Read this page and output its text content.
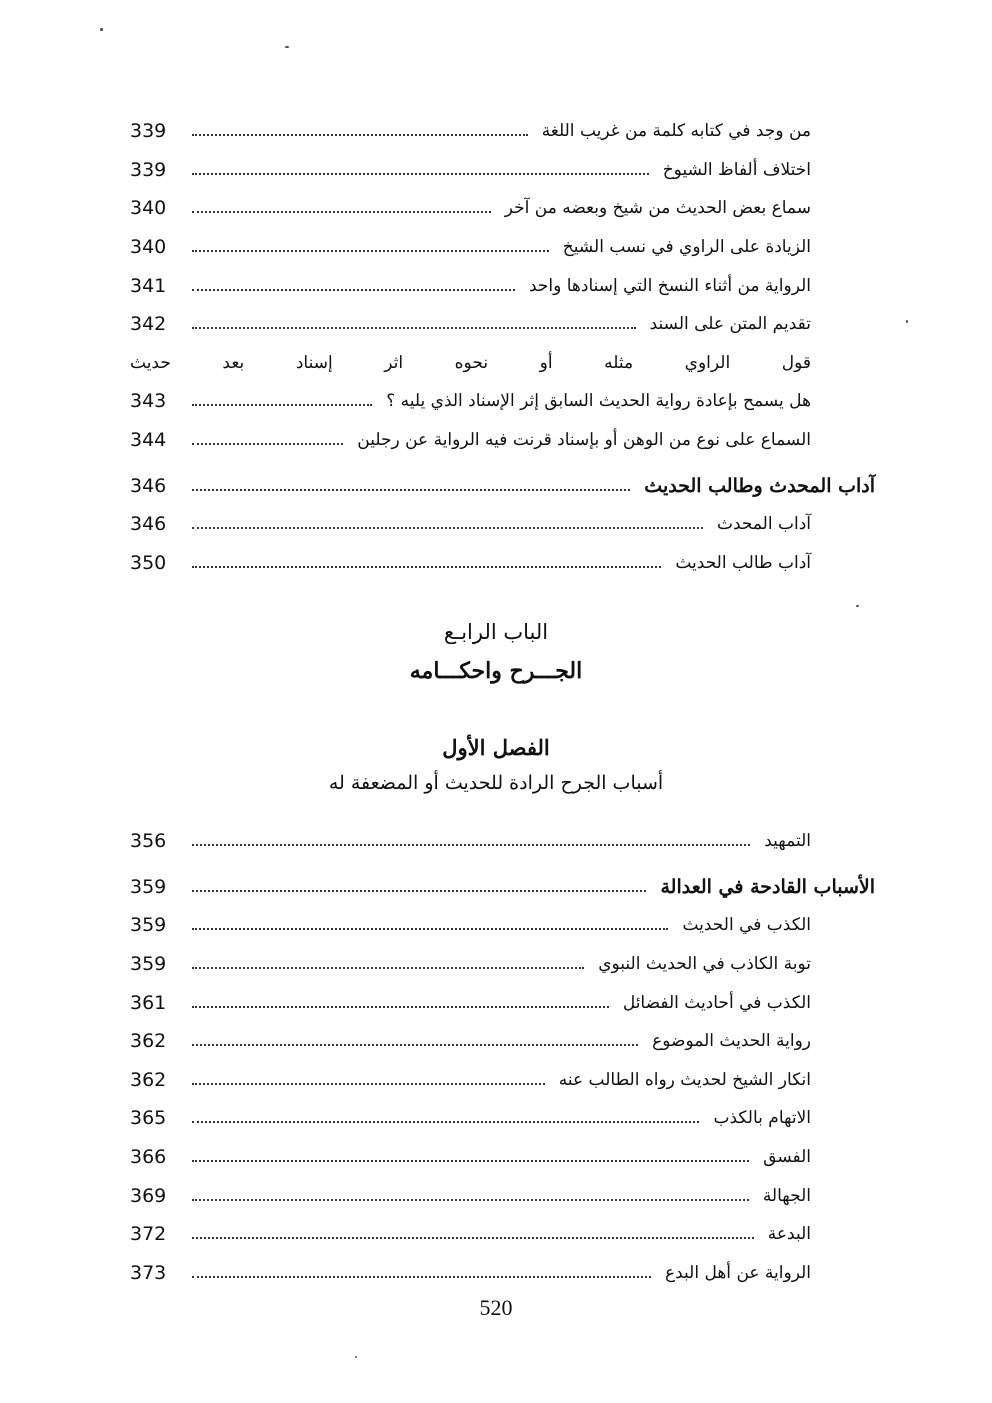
من وجد في كتابه كلمة من غريب اللغة
339
اختلاف ألفاظ الشيوخ
339
سماع بعض الحديث من شيخ وبعضه من آخر
340
الزيادة على الراوي في نسب الشيخ
340
الرواية من أثناء النسخ التي إسنادها واحد
341
تقديم المتن على السند
342
قول الراوي مثله أو نحوه اثر إسناد بعد حديث
هل يسمح بإعادة رواية الحديث السابق إثر الإسناد الذي يليه ؟
343
السماع على نوع من الوهن أو بإسناد قرنت فيه الرواية عن رجلين
344
آداب المحدث وطالب الحديث
346
آداب المحدث
346
آداب طالب الحديث
350
الباب الرابـع
الجـــرح واحكـــامه
الفصل الأول
أسباب الجرح الرادة للحديث أو المضعفة له
التمهيد
356
الأسباب القادحة في العدالة
359
الكذب في الحديث
359
توبة الكاذب في الحديث النبوي
359
الكذب في أحاديث الفضائل
361
رواية الحديث الموضوع
362
انكار الشيخ لحديث رواه الطالب عنه
362
الاتهام بالكذب
365
الفسق
366
الجهالة
369
البدعة
372
الرواية عن أهل البدع
373
520
